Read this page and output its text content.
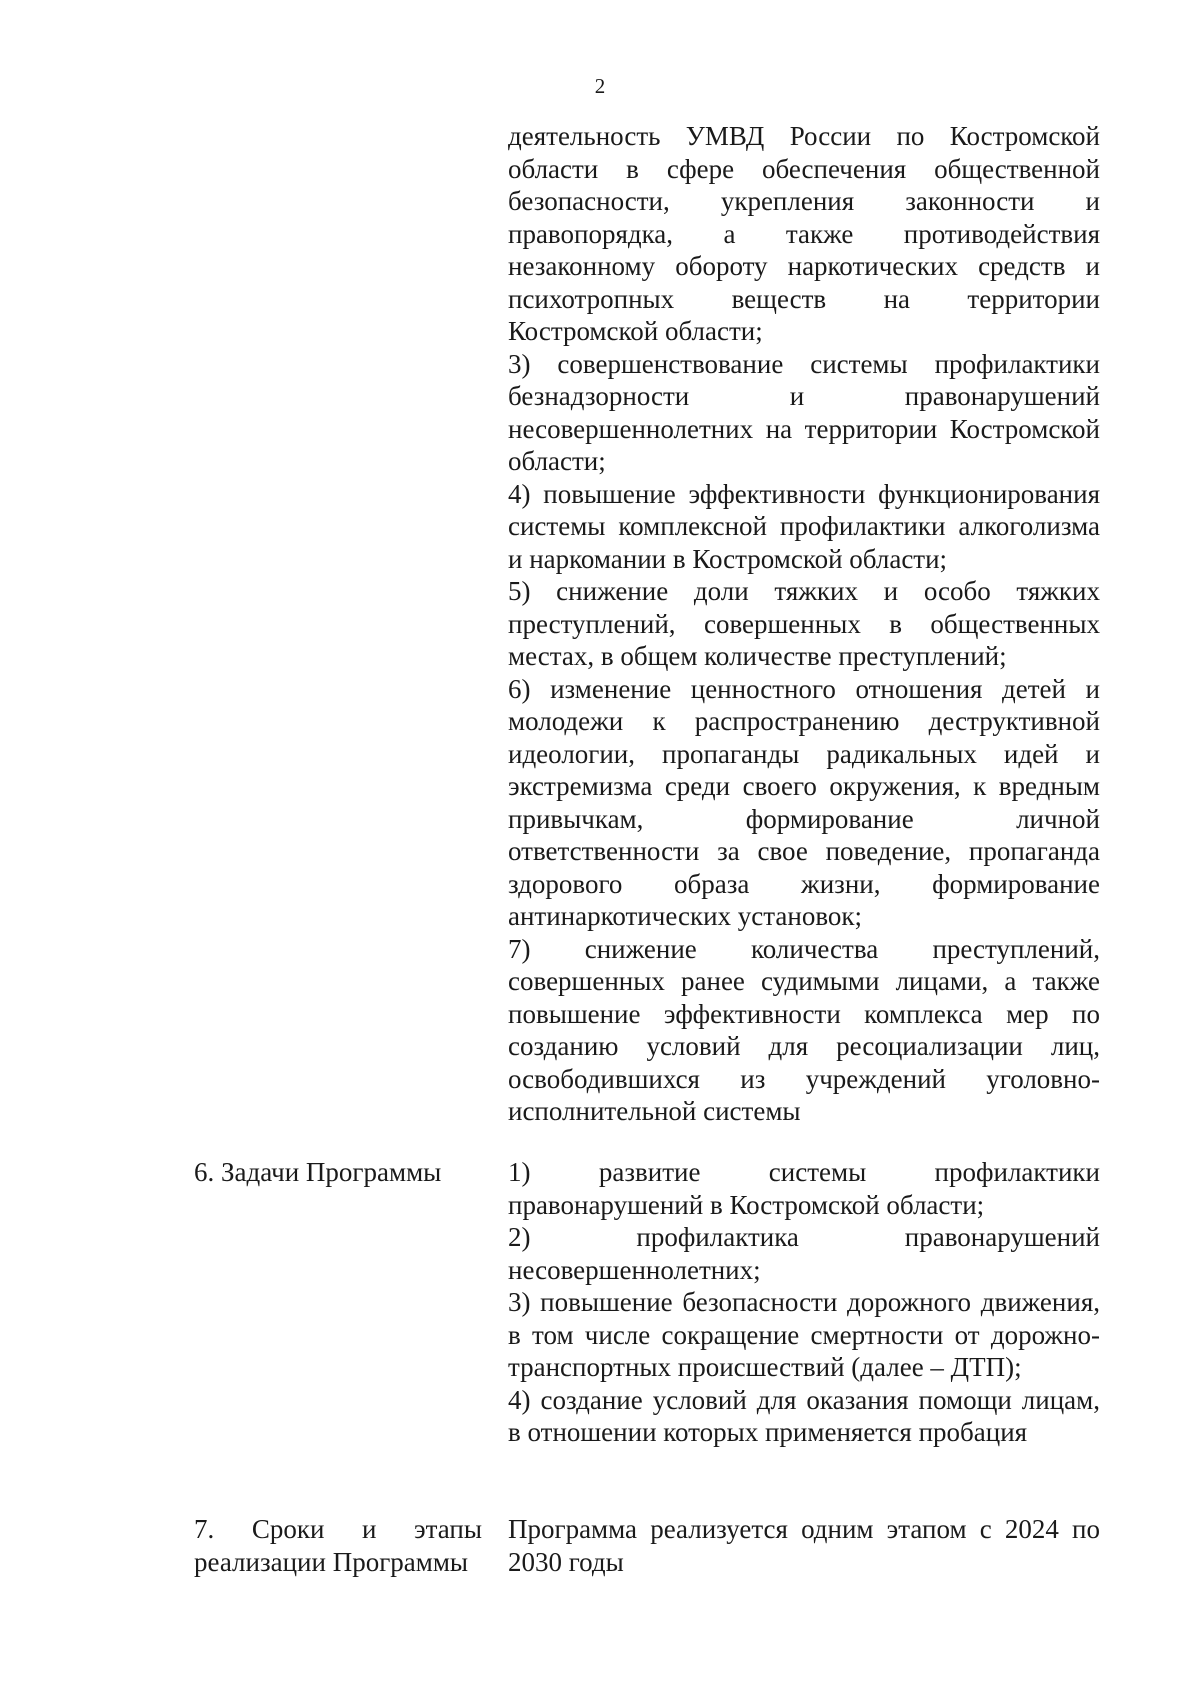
2

деятельность УМВД России по Костромской области в сфере обеспечения общественной безопасности, укрепления законности и правопорядка, а также противодействия незаконному обороту наркотических средств и психотропных веществ на территории Костромской области;

3) совершенствование системы профилактики безнадзорности и правонарушений несовершеннолетних на территории Костромской области;

4) повышение эффективности функционирования системы комплексной профилактики алкоголизма и наркомании в Костромской области;

5) снижение доли тяжких и особо тяжких преступлений, совершенных в общественных местах, в общем количестве преступлений;

6) изменение ценностного отношения детей и молодежи к распространению деструктивной идеологии, пропаганды радикальных идей и экстремизма среди своего окружения, к вредным привычкам, формирование личной ответственности за свое поведение, пропаганда здорового образа жизни, формирование антинаркотических установок;

7) снижение количества преступлений, совершенных ранее судимыми лицами, а также повышение эффективности комплекса мер по созданию условий для ресоциализации лиц, освободившихся из учреждений уголовно-исполнительной системы

6. Задачи Программы	1) развитие системы профилактики правонарушений в Костромской области;

2) профилактика правонарушений несовершеннолетних;

3) повышение безопасности дорожного движения, в том числе сокращение смертности от дорожно-транспортных происшествий (далее – ДТП);

4) создание условий для оказания помощи лицам, в отношении которых применяется пробация

7. Сроки и этапы реализации Программы

Программа реализуется одним этапом с 2024 по 2030 годы
